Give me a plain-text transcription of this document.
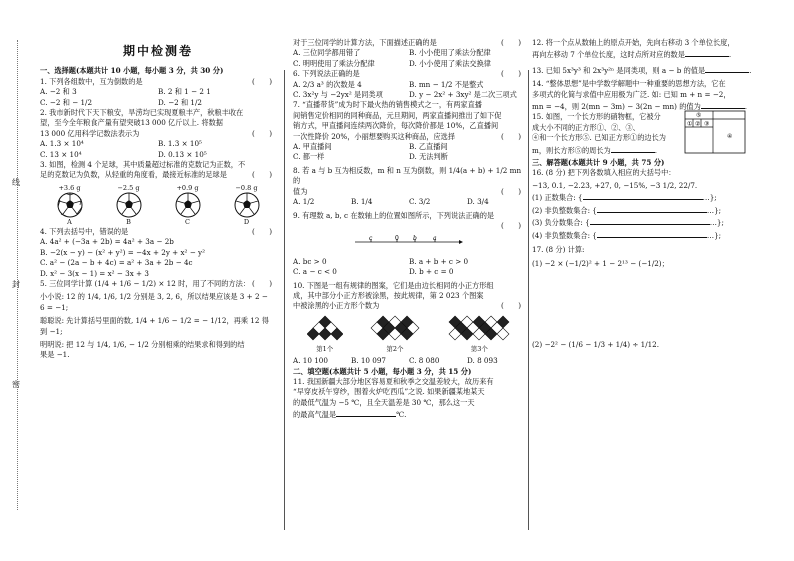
线
封
密
期中检测卷

一、选择题(本题共计 10 小题，每小题 3 分，共 30 分)

1. 下列各组数中，互为倒数的是	(　　)

A. −2 和 3	B. 2 和 1 − 2 1
C. −2 和 − 1/2	D. −2 和 1/2

2. 我市新时代下天下粮安，旱涝均已实现夏粮丰产，秋粮丰收在

望，至今全年粮食产量有望突破13 000 亿斤以上. 将数据

13 000 亿用科学记数法表示为	(　　)

A. 1.3 × 10⁴	B. 1.3 × 10⁵
C. 13 × 10⁴	D. 0.13 × 10⁵

3. 如图，检测 4 个足球，其中质量超过标准的克数记为正数，不

足的克数记为负数，从轻重的角度看，最接近标准的足球是	(　　)

+3.6 g
A
−2.5 g
B
+0.9 g
C
−0.8 g
D

4. 下列去括号中，错误的是	(　　)

A. 4a² + (−3a + 2b) = 4a² + 3a − 2b

B. −2(x − y) − (x² + y²) = −4x + 2y + x² − y²

C. a² − (2a − b + 4c) = a² + 3a + 2b − 4c

D. x² − 3(x − 1) = x² − 3x + 3

5. 三位同学计算 (1/4 + 1/6 − 1/2) × 12 时，用了不同的方法： (　　)

小小说: 12 的 1/4, 1/6, 1/2 分别是 3, 2, 6，所以结果应该是 3 + 2 −

6 = −1;

聪聪说: 先计算括号里面的数, 1/4 + 1/6 − 1/2 = − 1/12，再乘 12 得

到 −1;

明明说: 把 12 与 1/4, 1/6, − 1/2 分别相乘的结果求和得到的结

果是 −1.

对于三位同学的计算方法，下面描述正确的是	(　　)

A. 三位同学都用错了	B. 小小使用了乘法分配律
C. 明明使用了乘法分配律	D. 小小使用了乘法交换律

6. 下列说法正确的是	(　　)

A. 2/3 a³ 的次数是 4	B. mn − 1/2 不是整式
C. 3x²y 与 −2yx² 是同类项	D. y − 2x² + 3xy² 是二次三项式

7. “直播带货”成为时下最火热的销售模式之一，有两家直播

间销售定价相同的同种商品，元旦期间，两家直播间推出了如下促

销方式，甲直播间连续两次降价，每次降价都是 10%，乙直播间

一次性降价 20%，小丽想要购买这种商品，应选择	(　　)

A. 甲直播间	B. 乙直播间
C. 都一样	D. 无法判断

8. 若 a 与 b 互为相反数，m 和 n 互为倒数，则 1/4(a + b) + 1/2 mn 的

值为	(　　)

A. 1/2	B. 1/4	C. 3/2	D. 3/4

9. 有理数 a, b, c 在数轴上的位置如图所示，下列说法正确的是

(　　)

c	0 b	a
A. bc > 0	B. a + b + c > 0
C. a − c < 0	D. b + c = 0

10. 下图是一组有规律的图案，它们是由边长相同的小正方形组

成，其中部分小正方形被涂黑，按此规律，第 2 023 个图案

中被涂黑的小正方形个数为	(　　)

第1个	第2个	第3个
A. 10 100	B. 10 097	C. 8 080	D. 8 093

二、填空题(本题共计 5 小题，每小题 3 分，共 15 分)

11. 我国新疆大部分地区容易夏和秋季之交温差较大，故历来有

“早穿皮袄午穿纱，围着火炉吃西瓜”之说. 如果新疆某地某天

的最低气温为 −5 ℃，且全天温差是 30 ℃，那么这一天

的最高气温是	℃.

12. 将一个点从数轴上的原点开始，先向右移动 3 个单位长度，

再向左移动 7 个单位长度，这时点所对应的数是	.

13. 已知 5x³y³ 和 2x³y²ⁿ 是同类项，则 a − b 的值是	.

14. “整体思想”是中学数学解题中一种重要的思想方法，它在

多项式的化简与求值中应用极为广泛. 如: 已知 m + n = −2，

mn = −4，则 2(mn − 3m) − 3(2n − mn) 的值为	.

15. 如图，一个长方形的硝物框，它被分

成大小不同的正方形①、②、③、

④和一个长方形⑤. 已知正方形①的边长为

m，则长方形⑤的周长为	.

① ② ③
④
⑤

三、解答题(本题共计 9 小题，共 75 分)

16. (8 分) 把下列各数填入相应的大括号中：

−13, 0.1, −2.23, +27, 0, −15%, −3 1/2, 22/7.

(1) 正数集合: {	…};

(2) 非负整数集合: {	…};

(3) 负分数集合: {	…};

(4) 非负整数集合: {	…};

17. (8 分) 计算:

(1) −2 × (−1/2)² + 1 − 2¹³ − (−1/2)；

(2) −2² − (1/6 − 1/3 + 1/4) ÷ 1/12.
